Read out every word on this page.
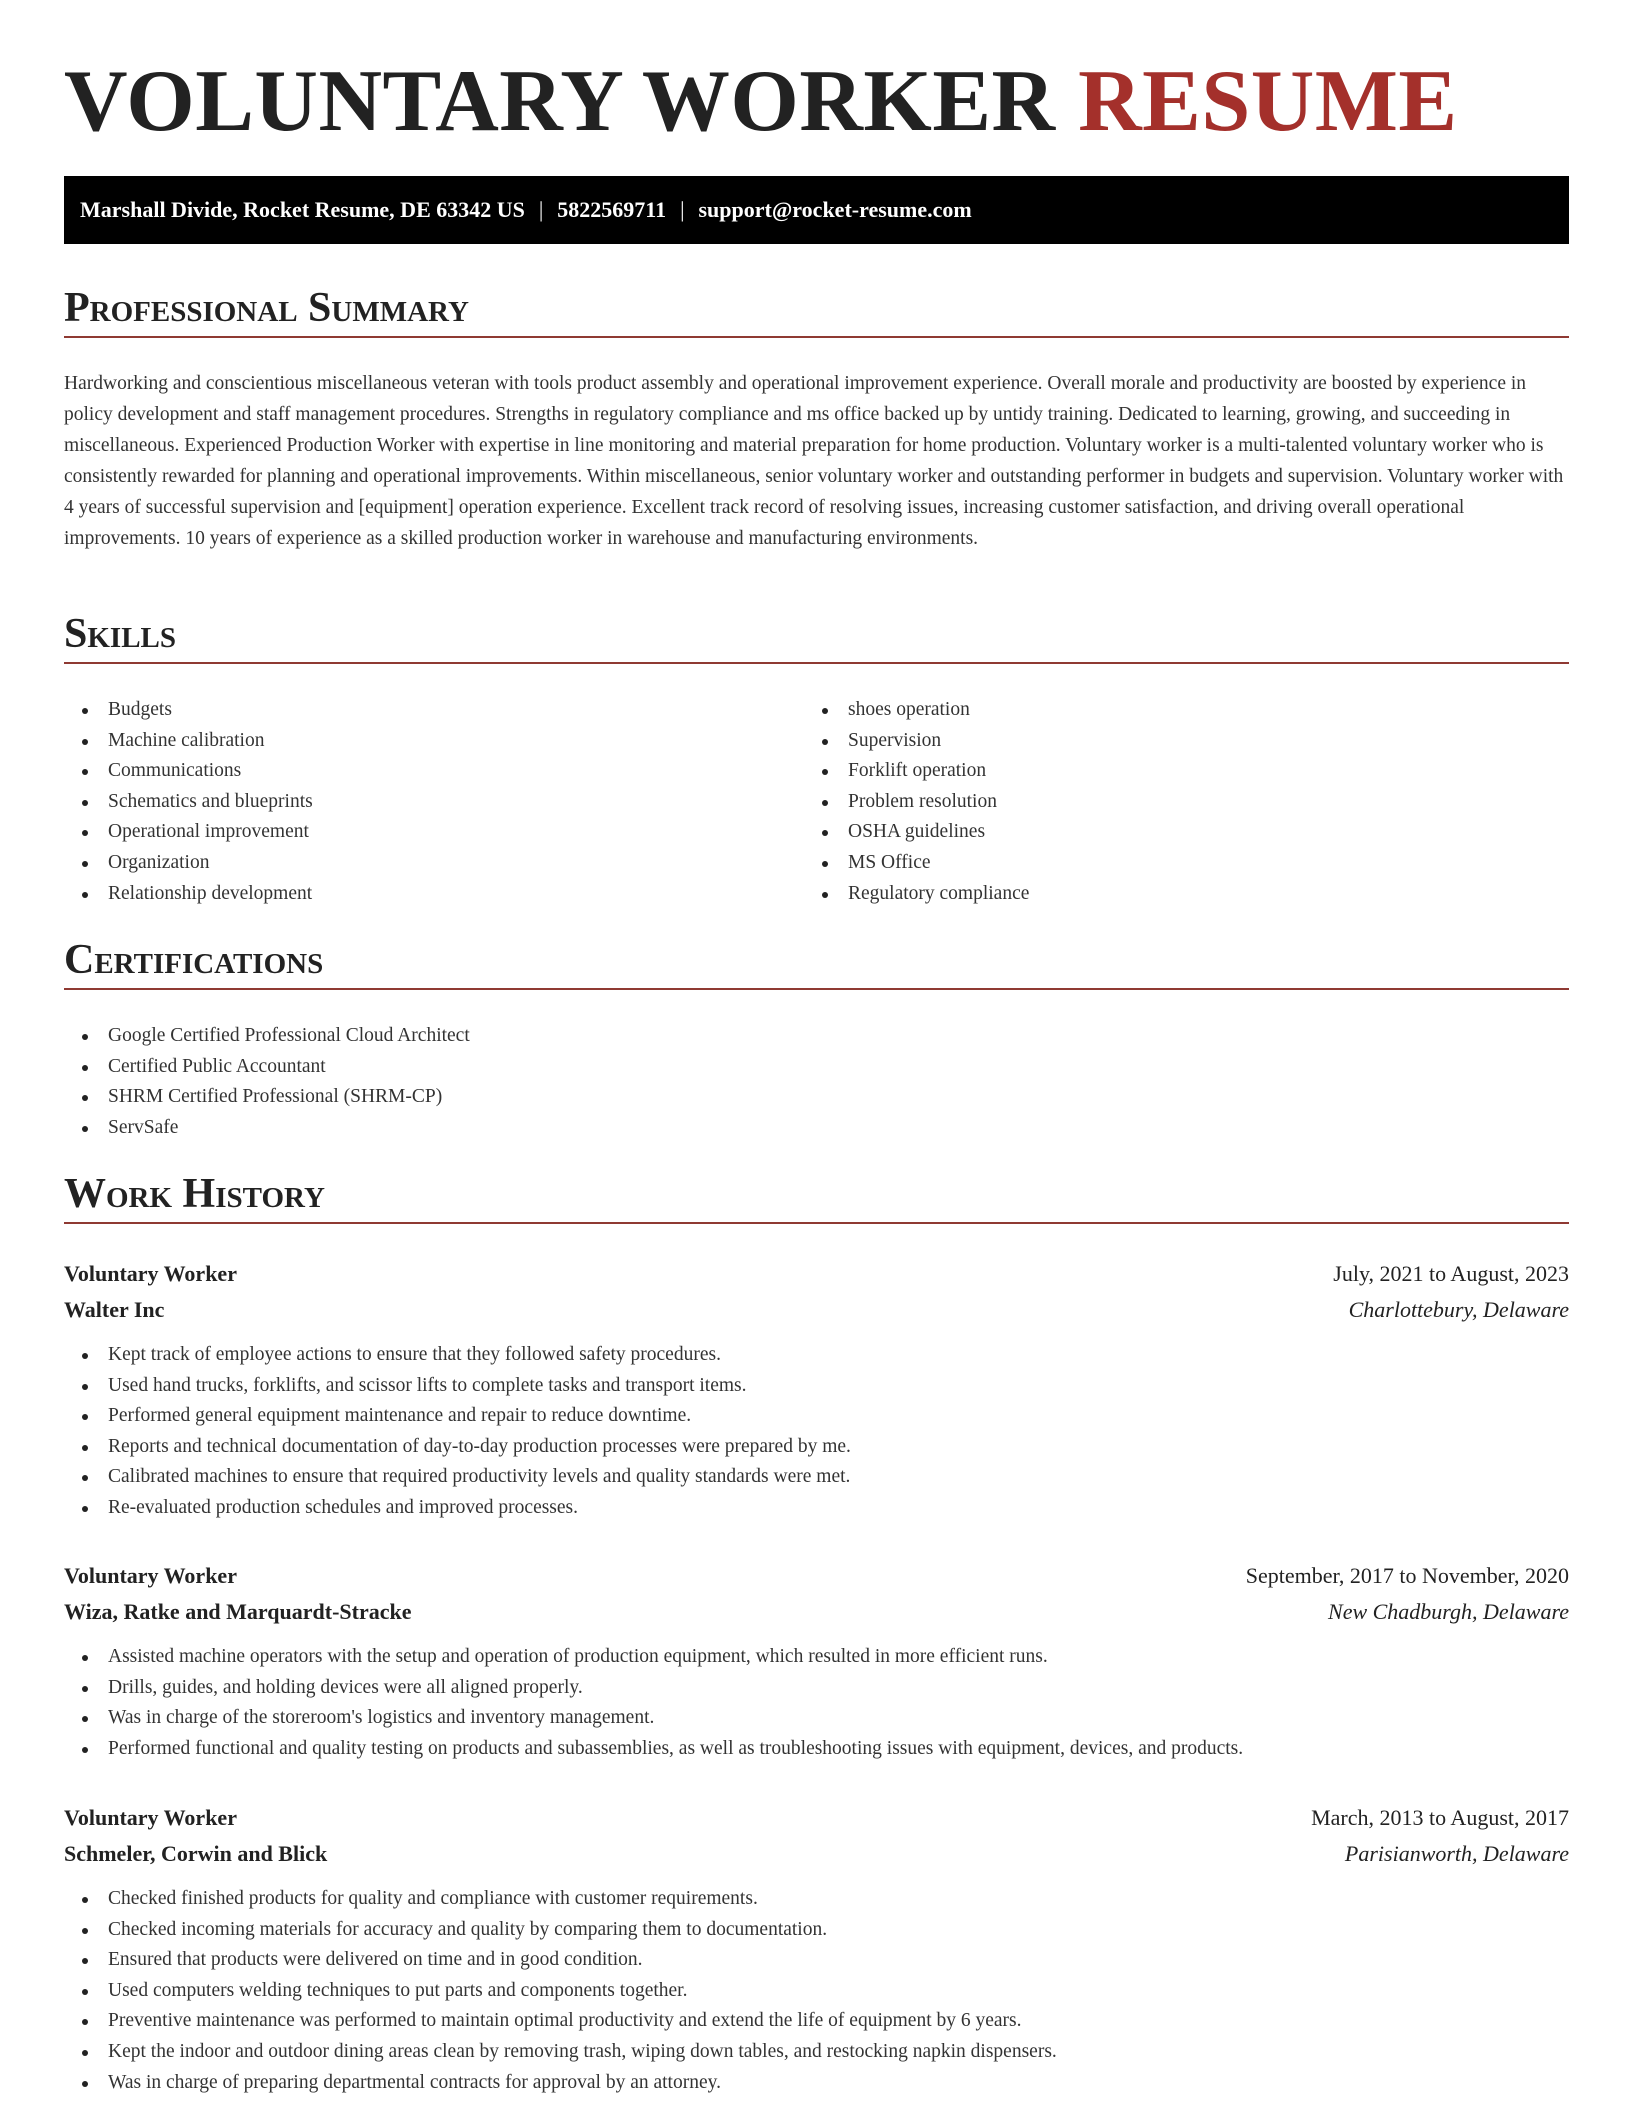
VOLUNTARY WORKER RESUME
Marshall Divide, Rocket Resume, DE 63342 US | 5822569711 | support@rocket-resume.com
Professional Summary

Hardworking and conscientious miscellaneous veteran with tools product assembly and operational improvement experience. Overall morale and productivity are boosted by experience in policy development and staff management procedures. Strengths in regulatory compliance and ms office backed up by untidy training. Dedicated to learning, growing, and succeeding in miscellaneous. Experienced Production Worker with expertise in line monitoring and material preparation for home production. Voluntary worker is a multi-talented voluntary worker who is consistently rewarded for planning and operational improvements. Within miscellaneous, senior voluntary worker and outstanding performer in budgets and supervision. Voluntary worker with 4 years of successful supervision and [equipment] operation experience. Excellent track record of resolving issues, increasing customer satisfaction, and driving overall operational improvements. 10 years of experience as a skilled production worker in warehouse and manufacturing environments.

Skills
Budgets
Machine calibration
Communications
Schematics and blueprints
Operational improvement
Organization
Relationship development
shoes operation
Supervision
Forklift operation
Problem resolution
OSHA guidelines
MS Office
Regulatory compliance
Certifications
Google Certified Professional Cloud Architect
Certified Public Accountant
SHRM Certified Professional (SHRM-CP)
ServSafe
Work History
Voluntary Worker	July, 2021 to August, 2023
Walter Inc	Charlottebury, Delaware
Kept track of employee actions to ensure that they followed safety procedures.
Used hand trucks, forklifts, and scissor lifts to complete tasks and transport items.
Performed general equipment maintenance and repair to reduce downtime.
Reports and technical documentation of day-to-day production processes were prepared by me.
Calibrated machines to ensure that required productivity levels and quality standards were met.
Re-evaluated production schedules and improved processes.
Voluntary Worker	September, 2017 to November, 2020
Wiza, Ratke and Marquardt-Stracke	New Chadburgh, Delaware
Assisted machine operators with the setup and operation of production equipment, which resulted in more efficient runs.
Drills, guides, and holding devices were all aligned properly.
Was in charge of the storeroom's logistics and inventory management.
Performed functional and quality testing on products and subassemblies, as well as troubleshooting issues with equipment, devices, and products.
Voluntary Worker	March, 2013 to August, 2017
Schmeler, Corwin and Blick	Parisianworth, Delaware
Checked finished products for quality and compliance with customer requirements.
Checked incoming materials for accuracy and quality by comparing them to documentation.
Ensured that products were delivered on time and in good condition.
Used computers welding techniques to put parts and components together.
Preventive maintenance was performed to maintain optimal productivity and extend the life of equipment by 6 years.
Kept the indoor and outdoor dining areas clean by removing trash, wiping down tables, and restocking napkin dispensers.
Was in charge of preparing departmental contracts for approval by an attorney.
